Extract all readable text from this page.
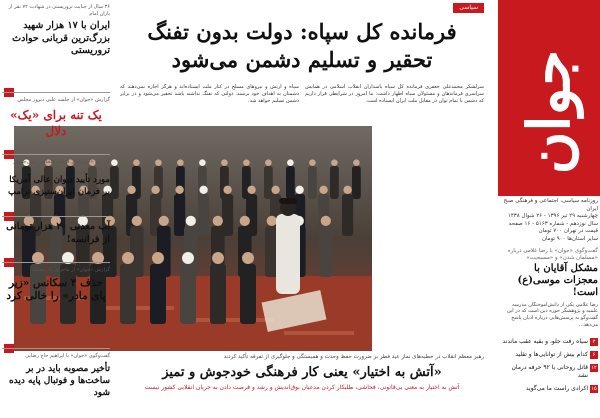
جوان
روزنامه سیاسی، اجتماعی و فرهنگی صبح ایران
چهارشنبه ۲۹ تیر ۱۳۹۶ - ۲۶ شوال ۱۴۳۸
سال نوزدهم - شماره ۵۱۶۳ - ۱۶ صفحه
قیمت در تهران ۷۰۰ تومان
سایر استان‌ها ۹۰۰ تومان
گفت‌وگوی «جوان» با رضا غلامی درباره «مسلمان شدن» و «مسیحیت»
مشکل آقایان با معجزات موسی(ع) است!
رضا غلامی یکی از دانش‌آموختگان مدرسه علمیه و پژوهشگر حوزه دین است که در این گفت‌وگو به پرسش‌هایی درباره ادیان پاسخ می‌دهد...
۳
سیاه رفت جلو، و بقیه عقب ماندند
۶
کدام بیش از توانایی‌ها و تقلید
۱۲
قاتل روحانی با ۹۲ حرفه درمان نشد
۱۵
اکرادی راست ما می‌گوید
سیاسی
فرمانده کل سپاه: دولت بدون تفنگ
تحقیر و تسلیم دشمن می‌شود
سرلشکر محمدعلی جعفری فرمانده کل سپاه پاسداران انقلاب اسلامی در همایش سراسری فرماندهان و مسئولان سپاه اظهار داشت: ما امروز در شرایطی قرار داریم که دشمن با تمام توان در مقابل ملت ایران ایستاده است.
سپاه و ارتش و نیروهای مسلح در کنار ملت ایستاده‌اند و هرگز اجازه نمی‌دهند که دشمنان به اهداف خود برسند. دولتی که تفنگ نداشته باشد تحقیر می‌شود و در برابر دشمن تسلیم خواهد شد.
رهبر معظم انقلاب در خطبه‌های نماز عید فطر بر ضرورت حفظ وحدت و همبستگی و جلوگیری از تفرقه تأکید کردند
«آتش به اختیار» یعنی کار فرهنگی خودجوش و تمیز
آتش به اختیار به معنی بی‌قانونی، فحاشی، طلبکار کردن مدعیان بوق‌اندیش و رشد و فرصت دادن به جریان انقلابی کشور نیست
۳۶ سال از جنایت تروریستی در شهادت ۷۲ نفر از یاران امام
ایران با ۱۷ هزار شهید بزرگ‌ترین قربانی حوادث تروریستی
گزارش «جوان» از جلسه علنی دیروز مجلس
یک تنه برای «یک» دلال
گزارش «جوان» از فرمان جنجالی رئیس‌جمهور آمریکا
مورد تأیید دیوان عالی آمریکا بر فرمان ایران‌ستیزی ترامپ
آب معدنی ۲۰ هزار تومانی از فرانسه!
گزارش «جوان» از ماجرای یک مستند
حذف ۴ سکانس «زیر پای مادر» را خالی کرد
گفت‌وگوی «جوان» با ابراهیم حاج رضایی
تأخیر مصوبه باید در بر ساخت‌ها و فوتبال پایه دیده شود
